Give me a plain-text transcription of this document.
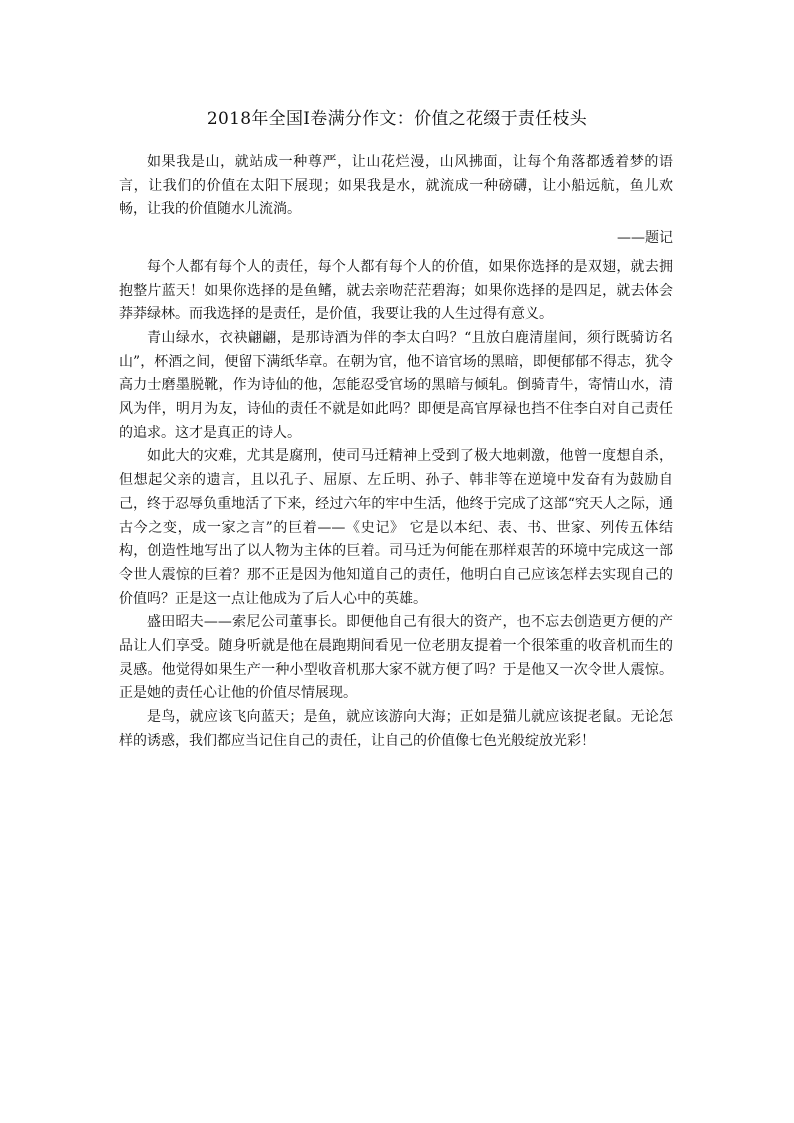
2018年全国Ⅰ卷满分作文：价值之花缀于责任枝头

如果我是山，就站成一种尊严，让山花烂漫，山风拂面，让每个角落都透着梦的语言，让我们的价值在太阳下展现；如果我是水，就流成一种磅礴，让小船远航，鱼儿欢畅，让我的价值随水儿流淌。

——题记

每个人都有每个人的责任，每个人都有每个人的价值，如果你选择的是双翅，就去拥抱整片蓝天！如果你选择的是鱼鳍，就去亲吻茫茫碧海；如果你选择的是四足，就去体会莽莽绿林。而我选择的是责任，是价值，我要让我的人生过得有意义。

青山绿水，衣袂翩翩，是那诗酒为伴的李太白吗？“且放白鹿清崖间，须行既骑访名山”，杯酒之间，便留下满纸华章。在朝为官，他不谙官场的黑暗，即便郁郁不得志，犹令高力士磨墨脱靴，作为诗仙的他，怎能忍受官场的黑暗与倾轧。倒骑青牛，寄情山水，清风为伴，明月为友，诗仙的责任不就是如此吗？即便是高官厚禄也挡不住李白对自己责任的追求。这才是真正的诗人。

如此大的灾难，尤其是腐刑，使司马迁精神上受到了极大地刺激，他曾一度想自杀，但想起父亲的遗言，且以孔子、屈原、左丘明、孙子、韩非等在逆境中发奋有为鼓励自己，终于忍辱负重地活了下来，经过六年的牢中生活，他终于完成了这部“究天人之际，通古今之变，成一家之言”的巨着——《史记》 它是以本纪、表、书、世家、列传五体结构，创造性地写出了以人物为主体的巨着。司马迁为何能在那样艰苦的环境中完成这一部令世人震惊的巨着？那不正是因为他知道自己的责任，他明白自己应该怎样去实现自己的价值吗？正是这一点让他成为了后人心中的英雄。

盛田昭夫——索尼公司董事长。即便他自己有很大的资产，也不忘去创造更方便的产品让人们享受。随身听就是他在晨跑期间看见一位老朋友提着一个很笨重的收音机而生的灵感。他觉得如果生产一种小型收音机那大家不就方便了吗？于是他又一次令世人震惊。正是她的责任心让他的价值尽情展现。

是鸟，就应该飞向蓝天；是鱼，就应该游向大海；正如是猫儿就应该捉老鼠。无论怎样的诱惑，我们都应当记住自己的责任，让自己的价值像七色光般绽放光彩！
